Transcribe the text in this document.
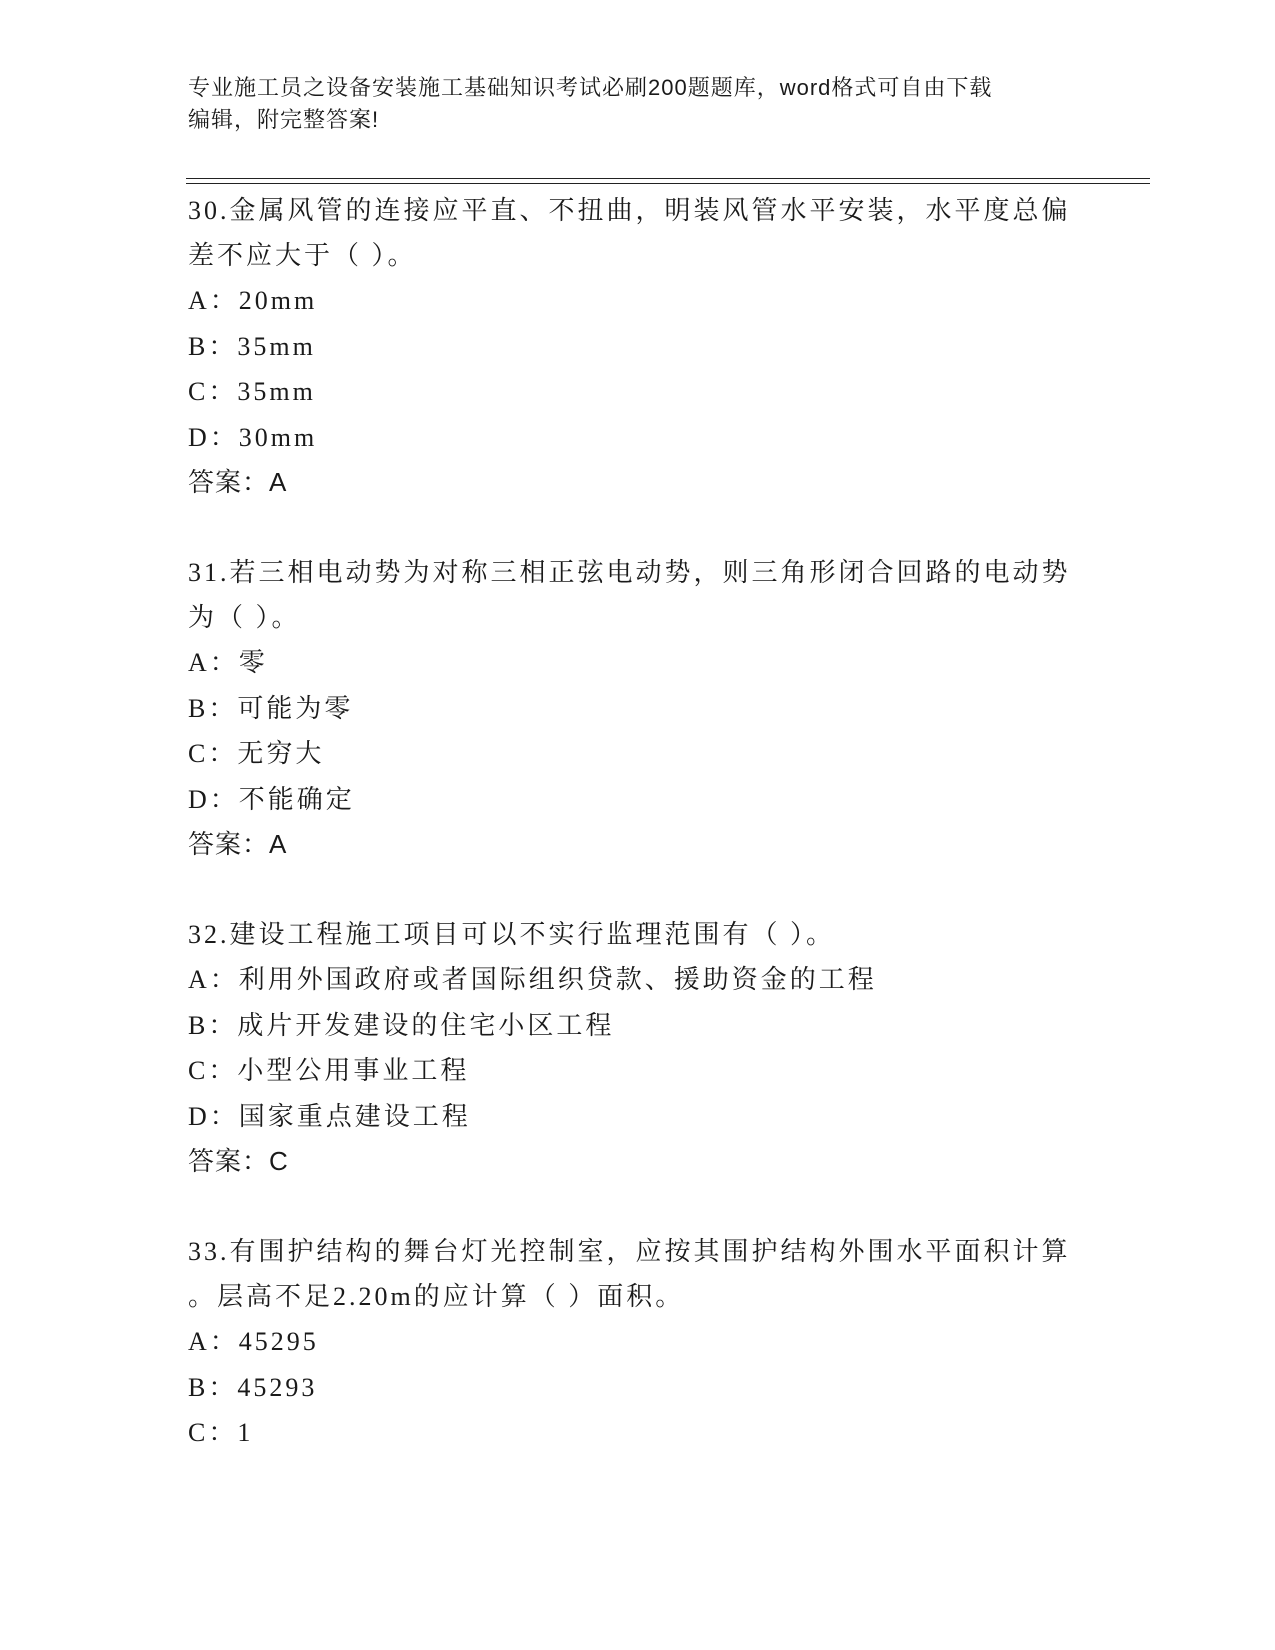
专业施工员之设备安装施工基础知识考试必刷200题题库，word格式可自由下载
编辑，附完整答案!

30.金属风管的连接应平直、不扭曲，明装风管水平安装，水平度总偏

差不应大于（ ）。

A：20mm

B：35mm

C：35mm

D：30mm

答案：A

31.若三相电动势为对称三相正弦电动势，则三角形闭合回路的电动势

为（ ）。

A：零

B：可能为零

C：无穷大

D：不能确定

答案：A

32.建设工程施工项目可以不实行监理范围有（ ）。

A：利用外国政府或者国际组织贷款、援助资金的工程

B：成片开发建设的住宅小区工程

C：小型公用事业工程

D：国家重点建设工程

答案：C

33.有围护结构的舞台灯光控制室，应按其围护结构外围水平面积计算

。层高不足2.20m的应计算（ ）面积。

A：45295

B：45293

C：1
